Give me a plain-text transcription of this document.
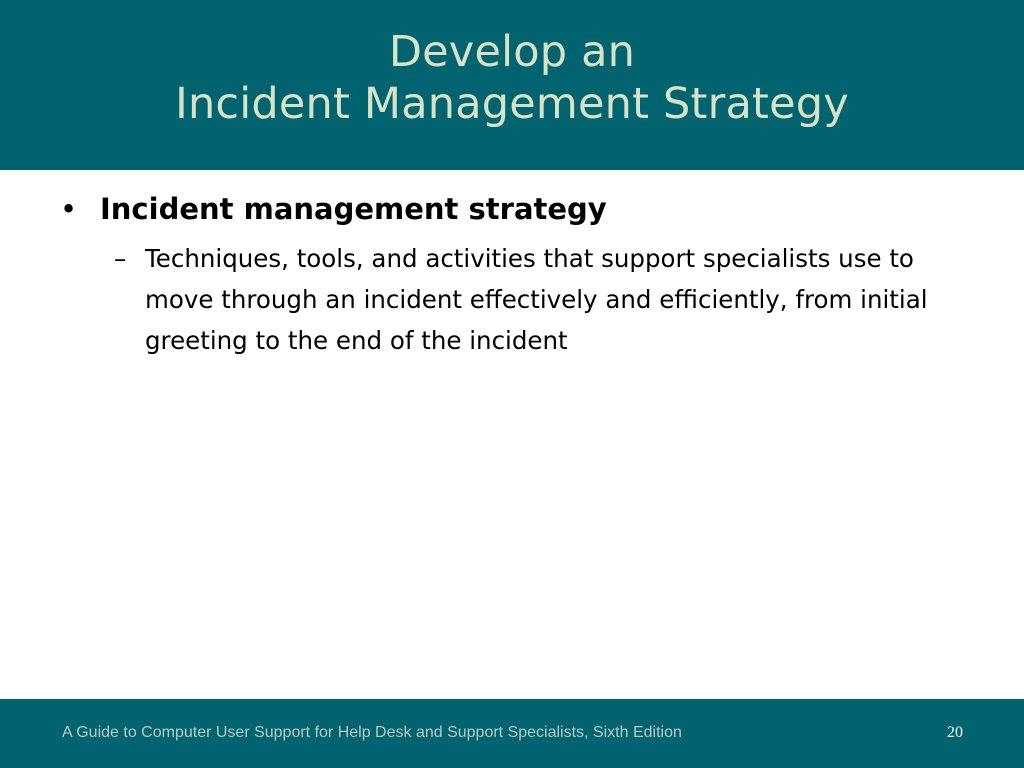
Develop an
Incident Management Strategy
• Incident management strategy
– Techniques, tools, and activities that support specialists use to move through an incident effectively and efficiently, from initial greeting to the end of the incident
A Guide to Computer User Support for Help Desk and Support Specialists, Sixth Edition	20
